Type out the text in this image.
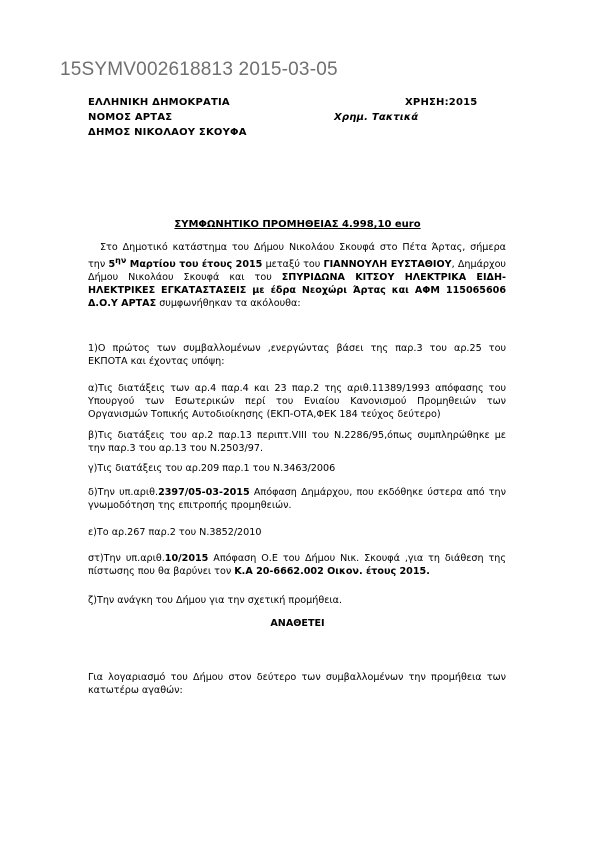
15SYMV002618813 2015-03-05
ΕΛΛΗΝΙΚΗ ΔΗΜΟΚΡΑΤΙΑ
ΝΟΜΟΣ ΑΡΤΑΣ
ΔΗΜΟΣ ΝΙΚΟΛΑΟΥ ΣΚΟΥΦΑ
ΧΡΗΣΗ:2015
Χρηµ. Τακτικά
ΣΥΜΦΩΝΗΤΙΚΟ ΠΡΟΜΗΘΕΙΑΣ 4.998,10 euro
Στο Δηµοτικό κατάστηµα του Δήµου Νικολάου Σκουφά στο Πέτα Άρτας, σήµερα την $5^{\eta\nu}$ Μαρτίου του έτους 2015 µεταξύ του ΓΙΑΝΝΟΥΛΗ ΕΥΣΤΑΘΙΟΥ, Δηµάρχου Δήµου Νικολάου Σκουφά και του ΣΠΥΡΙΔΩΝΑ ΚΙΤΣΟΥ ΗΛΕΚΤΡΙΚΑ ΕΙΔΗ-ΗΛΕΚΤΡΙΚΕΣ ΕΓΚΑΤΑΣΤΑΣΕΙΣ µε έδρα Νεοχώρι Άρτας και ΑΦΜ 115065606 Δ.Ο.Υ ΑΡΤΑΣ συµφωνήθηκαν τα ακόλουθα:
1)Ο πρώτος των συµβαλλοµένων ,ενεργώντας βάσει της παρ.3 του αρ.25 του ΕΚΠΟΤΑ και έχοντας υπόψη:
α)Τις διατάξεις των αρ.4 παρ.4 και 23 παρ.2 της αριθ.11389/1993 απόφασης του Υπουργού των Εσωτερικών περί του Ενιαίου Κανονισµού Προµηθειών των Οργανισµών Τοπικής Αυτοδιοίκησης (ΕΚΠ-ΟΤΑ,ΦΕΚ 184 τεύχος δεύτερο)
β)Τις διατάξεις του αρ.2 παρ.13 περιπτ.VIII του Ν.2286/95,όπως συµπληρώθηκε µε την παρ.3 του αρ.13 του Ν.2503/97.
γ)Τις διατάξεις του αρ.209 παρ.1 του Ν.3463/2006
δ)Την υπ.αριθ.2397/05-03-2015 Απόφαση Δηµάρχου, που εκδόθηκε ύστερα από την γνωµοδότηση της επιτροπής προµηθειών.
ε)Το αρ.267 παρ.2 του Ν.3852/2010
στ)Την υπ.αριθ.10/2015 Απόφαση Ο.Ε του Δήµου Νικ. Σκουφά ,για τη διάθεση της πίστωσης που θα βαρύνει τον Κ.Α 20-6662.002 Οικον. έτους 2015.
ζ)Την ανάγκη του Δήµου για την σχετική προµήθεια.
ΑΝΑΘΕΤΕΙ
Για λογαριασµό του Δήµου στον δεύτερο των συµβαλλοµένων την προµήθεια των κατωτέρω αγαθών:
